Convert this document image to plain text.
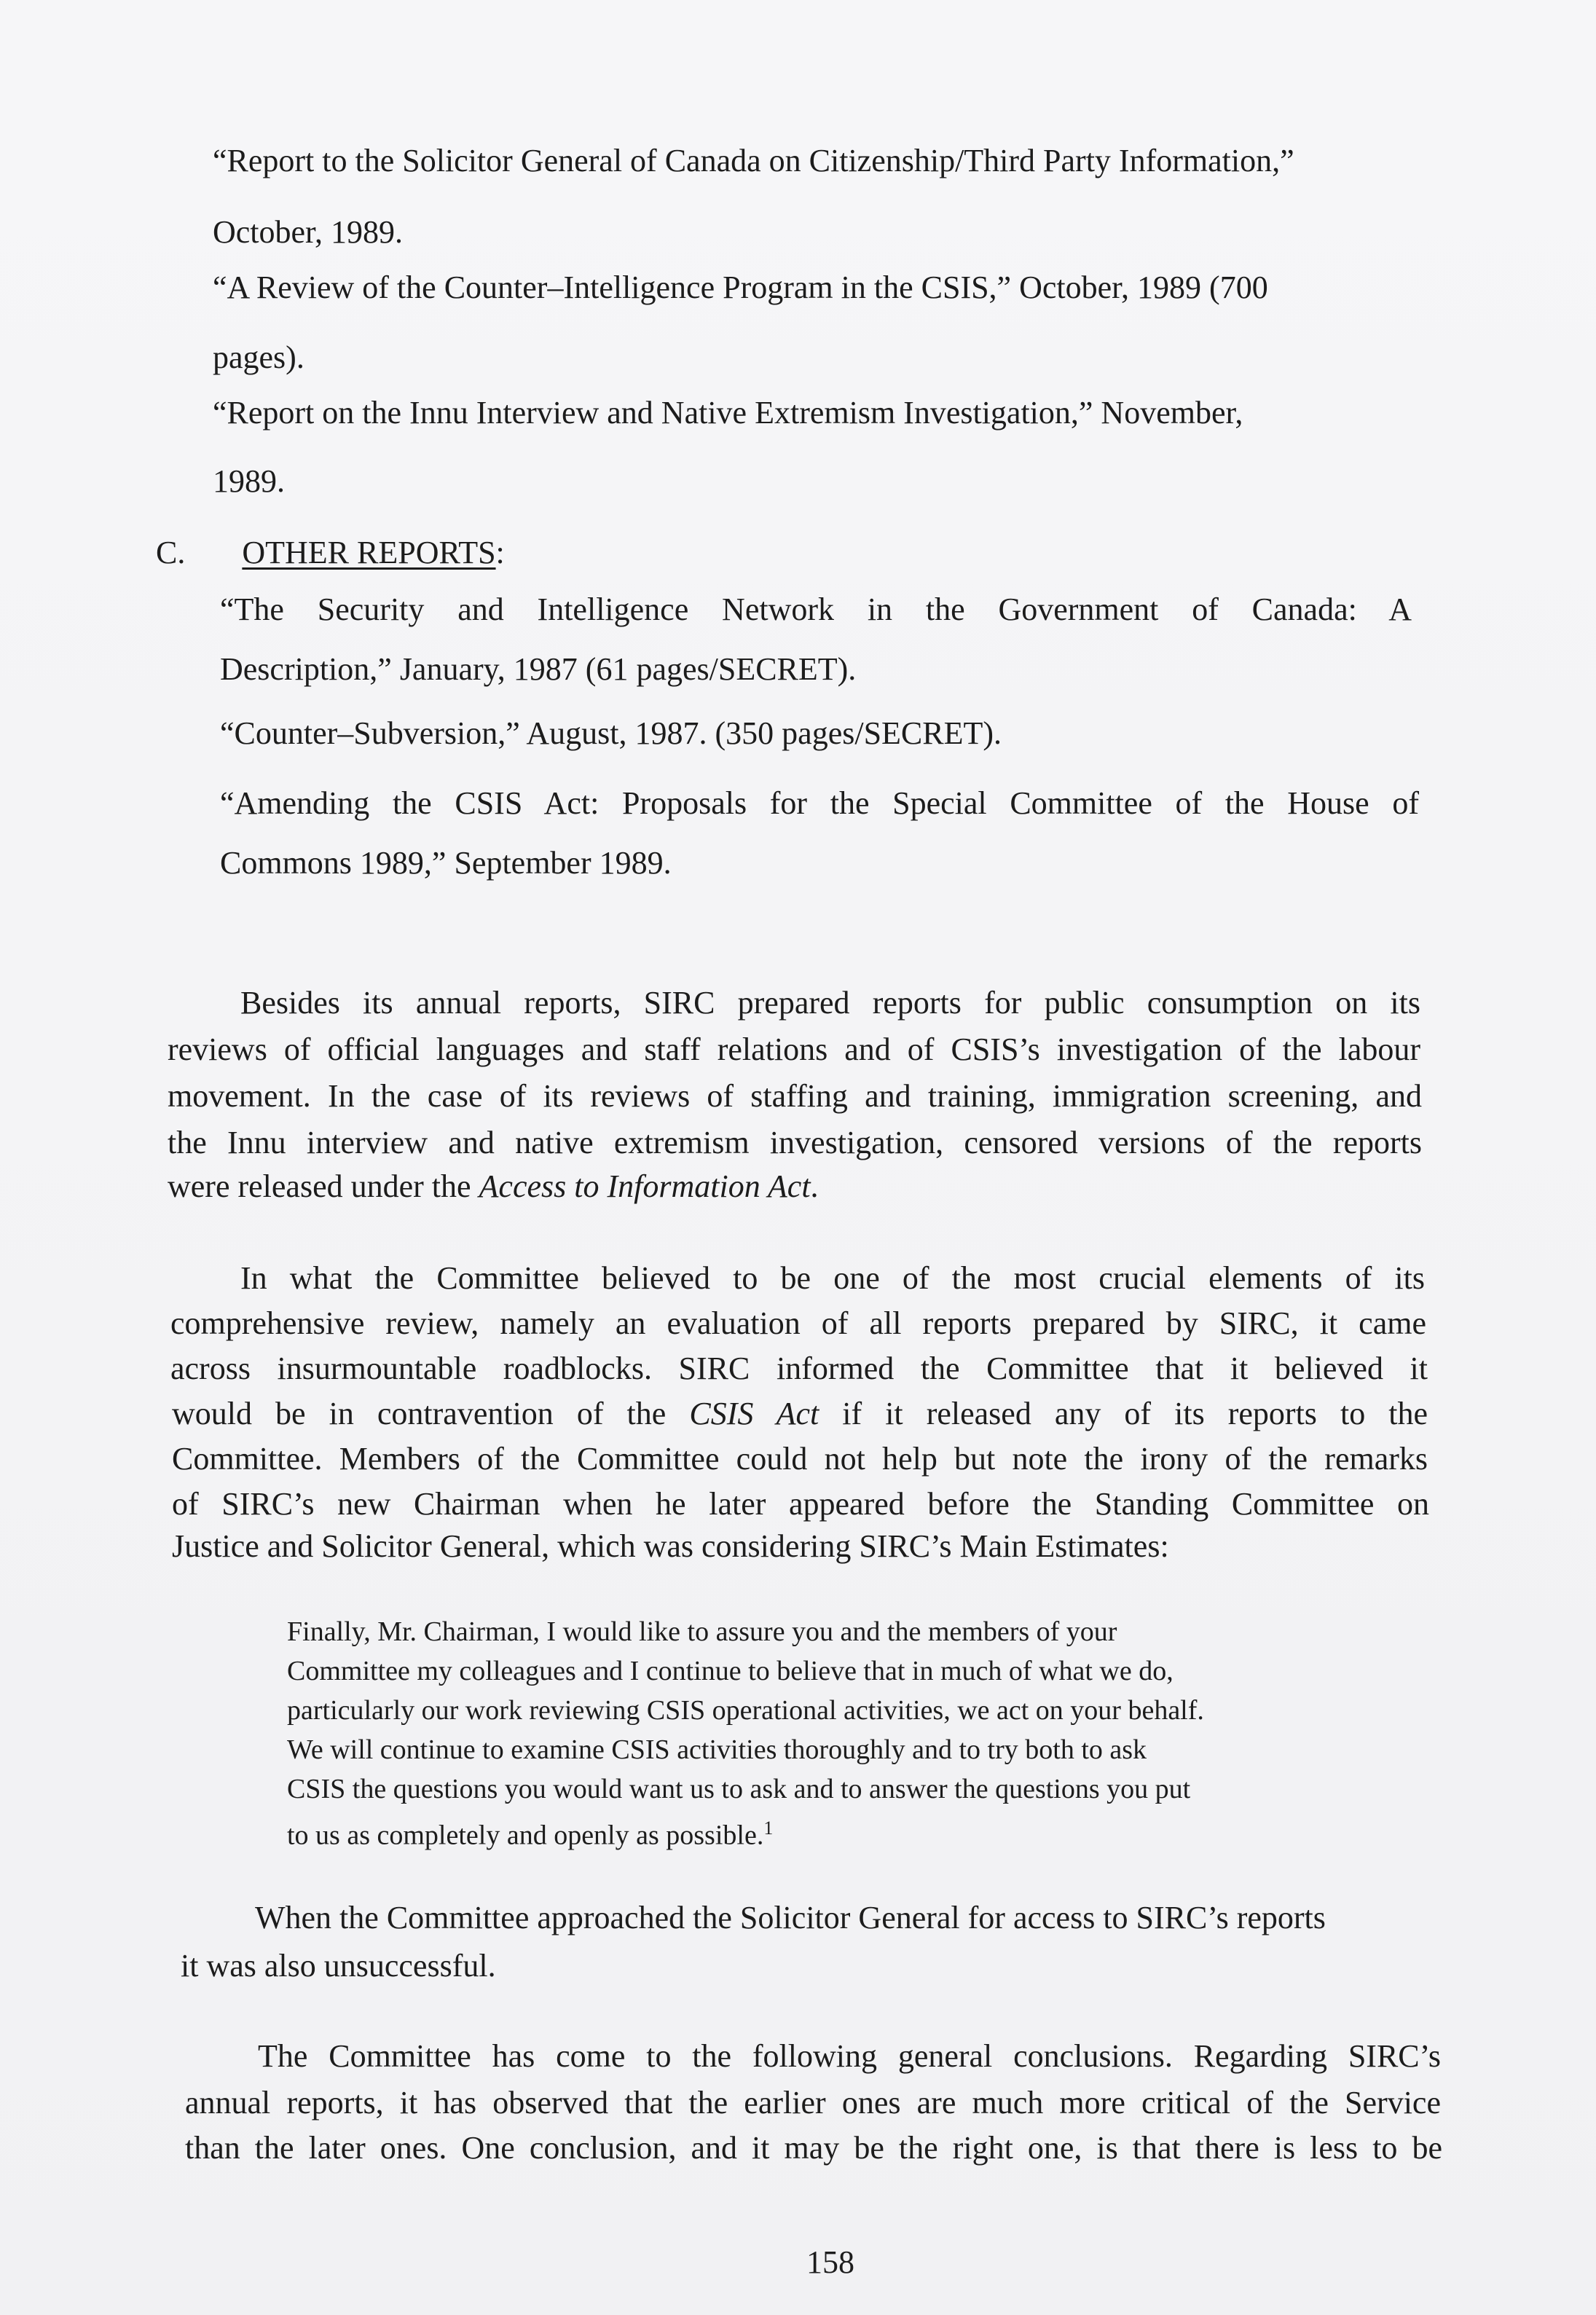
“Report to the Solicitor General of Canada on Citizenship/Third Party Information,”
October, 1989.
“A Review of the Counter–Intelligence Program in the CSIS,” October, 1989 (700
pages).
“Report on the Innu Interview and Native Extremism Investigation,” November,
1989.
C. OTHER REPORTS:
“The Security and Intelligence Network in the Government of Canada: A
Description,” January, 1987 (61 pages/SECRET).
“Counter–Subversion,” August, 1987. (350 pages/SECRET).
“Amending the CSIS Act: Proposals for the Special Committee of the House of
Commons 1989,” September 1989.
Besides its annual reports, SIRC prepared reports for public consumption on its
reviews of official languages and staff relations and of CSIS’s investigation of the labour
movement. In the case of its reviews of staffing and training, immigration screening, and
the Innu interview and native extremism investigation, censored versions of the reports
were released under the Access to Information Act.
In what the Committee believed to be one of the most crucial elements of its
comprehensive review, namely an evaluation of all reports prepared by SIRC, it came
across insurmountable roadblocks. SIRC informed the Committee that it believed it
would be in contravention of the CSIS Act if it released any of its reports to the
Committee. Members of the Committee could not help but note the irony of the remarks
of SIRC’s new Chairman when he later appeared before the Standing Committee on
Justice and Solicitor General, which was considering SIRC’s Main Estimates:
Finally, Mr. Chairman, I would like to assure you and the members of your
Committee my colleagues and I continue to believe that in much of what we do,
particularly our work reviewing CSIS operational activities, we act on your behalf.
We will continue to examine CSIS activities thoroughly and to try both to ask
CSIS the questions you would want us to ask and to answer the questions you put
to us as completely and openly as possible.$^1$
When the Committee approached the Solicitor General for access to SIRC’s reports
it was also unsuccessful.
The Committee has come to the following general conclusions. Regarding SIRC’s
annual reports, it has observed that the earlier ones are much more critical of the Service
than the later ones. One conclusion, and it may be the right one, is that there is less to be
158
